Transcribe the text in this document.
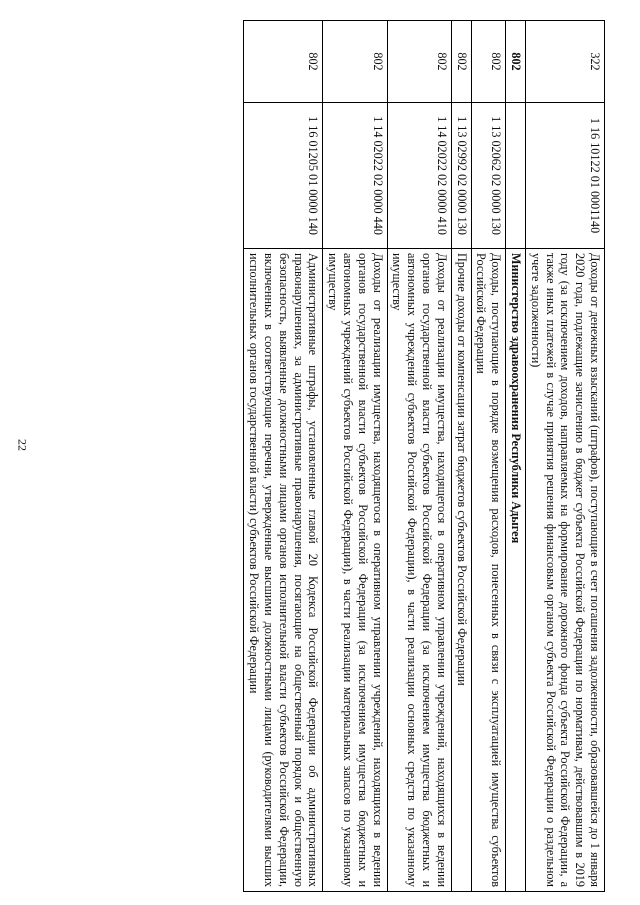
22
322	1 16 10122 01 0001140	Доходы от денежных взысканий (штрафов), поступающие в счет погашения задолженности, образовавшейся до 1 января 2020 года, подлежащие зачислению в бюджет субъекта Российской Федерации по нормативам, действовавшим в 2019 году (за исключением доходов, направляемых на формирование дорожного фонда субъекта Российской Федерации, а также иных платежей в случае принятия решения финансовым органом субъекта Российской Федерации о раздельном учете задолженности)
802		Министерство здравоохранения Республики Адыгея
802	1 13 02062 02 0000 130	Доходы, поступающие в порядке возмещения расходов, понесенных в связи с эксплуатацией имущества субъектов Российской Федерации
802	1 13 02992 02 0000 130	Прочие доходы от компенсации затрат бюджетов субъектов Российской Федерации
802	1 14 02022 02 0000 410	Доходы от реализации имущества, находящегося в оперативном управлении учреждений, находящихся в ведении органов государственной власти субъектов Российской Федерации (за исключением имущества бюджетных и автономных учреждений субъектов Российской Федерации), в части реализации основных средств по указанному имуществу
802	1 14 02022 02 0000 440	Доходы от реализации имущества, находящегося в оперативном управлении учреждений, находящихся в ведении органов государственной власти субъектов Российской Федерации (за исключением имущества бюджетных и автономных учреждений субъектов Российской Федерации), в части реализации материальных запасов по указанному имуществу
802	1 16 01205 01 0000 140	Административные штрафы, установленные главой 20 Кодекса Российской Федерации об административных правонарушениях, за административные правонарушения, посягающие на общественный порядок и общественную безопасность, выявленные должностными лицами органов исполнительной власти субъектов Российской Федерации, включенных в соответствующие перечни, утвержденные высшими должностными лицами (руководителями высших исполнительных органов государственной власти) субъектов Российской Федерации
